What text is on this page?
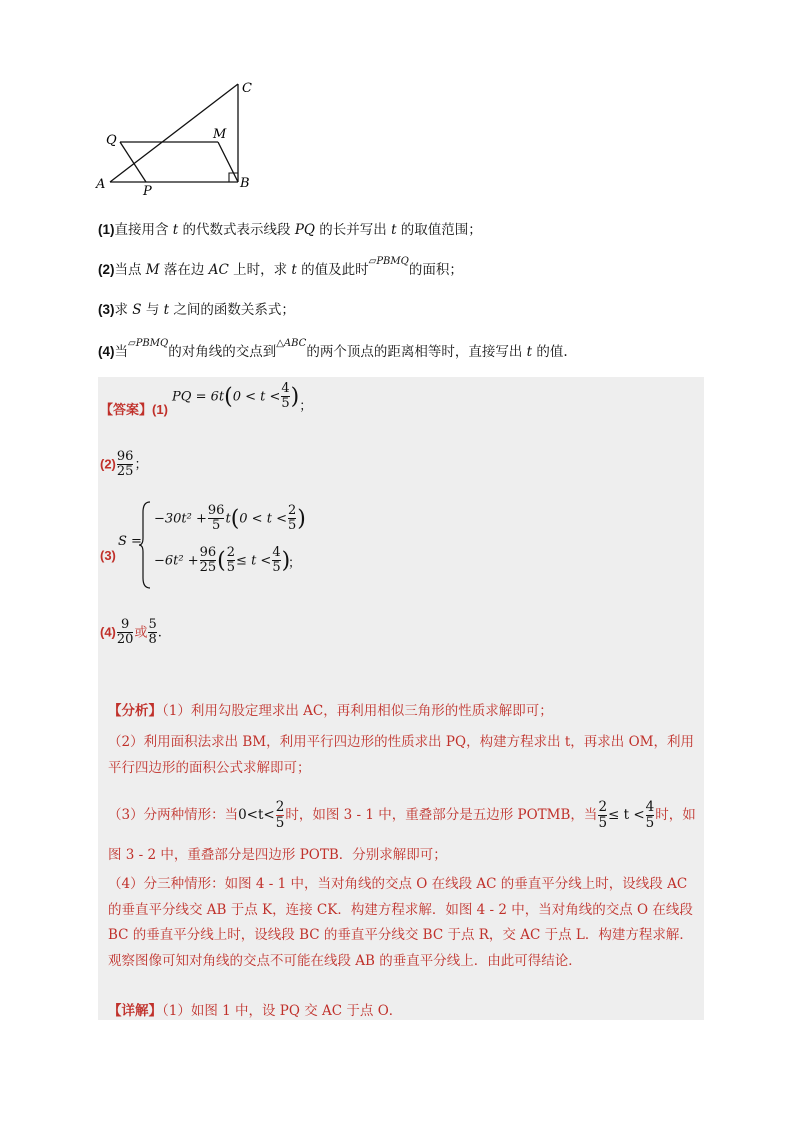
C
Q	M
A	P
B
(1)直接用含 t 的代数式表示线段 PQ 的长并写出 t 的取值范围；
(2)当点 M 落在边 AC 上时，求 t 的值及此时$^{▱PBMQ}$的面积；
(3)求 S 与 t 之间的函数关系式；
(4)当$^{▱PBMQ}$的对角线的交点到$^{\triangle ABC}$的两个顶点的距离相等时，直接写出 t 的值.
【答案】(1) PQ = $6t(0 < t < \frac{4}{5}$ )；
$(2) \frac{96}{25}$ ；
(3)
S =
$-30t^2 + \frac{96}{5} t(0 < t < \frac{2}{5}$ )
$-6t^2 + \frac{96}{25}$ ( $\frac{2}{5} \le t < \frac{4}{5}$ )
；
$(4) \frac{9}{20}$ 或 $\frac{5}{8}$ .
【分析】（1）利用勾股定理求出 AC，再利用相似三角形的性质求解即可；
（2）利用面积法求出 BM，利用平行四边形的性质求出 PQ，构建方程求出 t，再求出 OM，利用平行四边形的面积公式求解即可；
（3）分两种情形：当$0<t< \frac{2}{5}$ 时，如图 3 - 1 中，重叠部分是五边形 POTMB，当 $\frac{2}{5} \le t < \frac{4}{5}$ 时，如
图 3 - 2 中，重叠部分是四边形 POTB．分别求解即可；
（4）分三种情形：如图 4 - 1 中，当对角线的交点 O 在线段 AC 的垂直平分线上时，设线段 AC 的垂直平分线交 AB 于点 K，连接 CK．构建方程求解．如图 4 - 2 中，当对角线的交点 O 在线段 BC 的垂直平分线上时，设线段 BC 的垂直平分线交 BC 于点 R，交 AC 于点 L．构建方程求解．观察图像可知对角线的交点不可能在线段 AB 的垂直平分线上．由此可得结论．
【详解】（1）如图 1 中，设 PQ 交 AC 于点 O．
